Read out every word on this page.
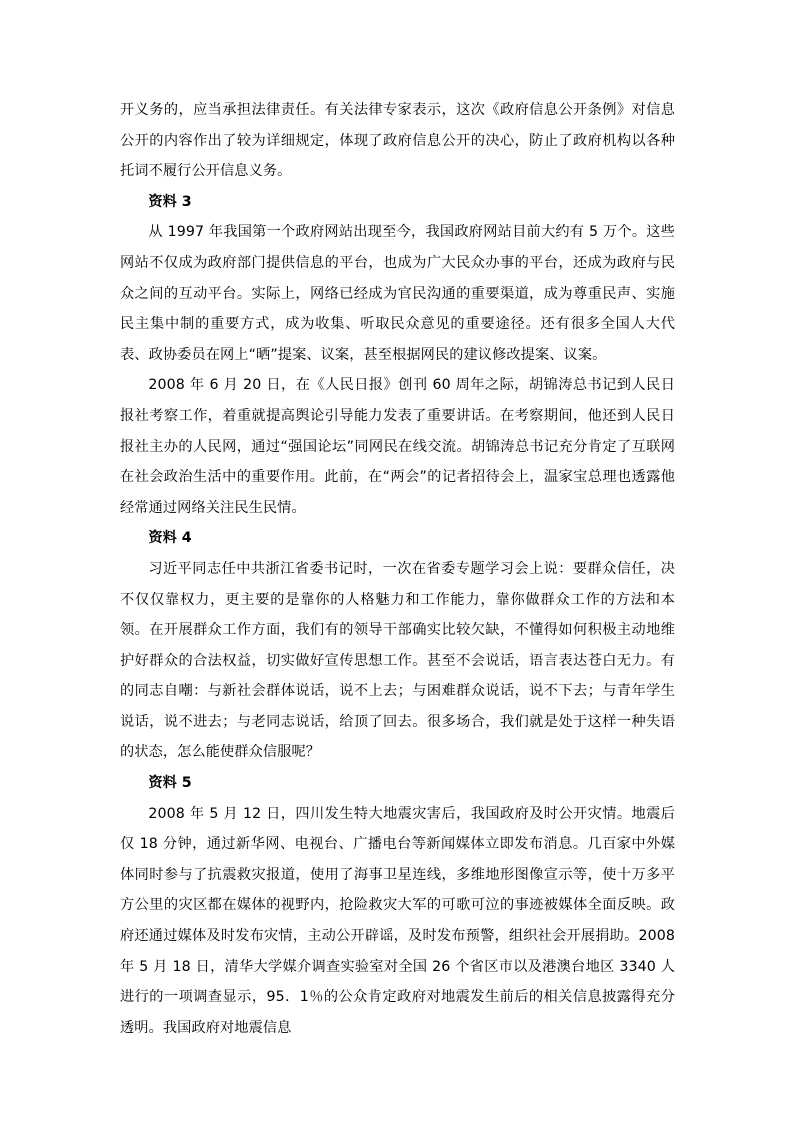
开义务的，应当承担法律责任。有关法律专家表示，这次《政府信息公开条例》对信息公开的内容作出了较为详细规定，体现了政府信息公开的决心，防止了政府机构以各种托词不履行公开信息义务。

资料 3

从 1997 年我国第一个政府网站出现至今，我国政府网站目前大约有 5 万个。这些网站不仅成为政府部门提供信息的平台，也成为广大民众办事的平台，还成为政府与民众之间的互动平台。实际上，网络已经成为官民沟通的重要渠道，成为尊重民声、实施民主集中制的重要方式，成为收集、听取民众意见的重要途径。还有很多全国人大代表、政协委员在网上“晒”提案、议案，甚至根据网民的建议修改提案、议案。

2008 年 6 月 20 日，在《人民日报》创刊 60 周年之际，胡锦涛总书记到人民日报社考察工作，着重就提高舆论引导能力发表了重要讲话。在考察期间，他还到人民日报社主办的人民网，通过“强国论坛”同网民在线交流。胡锦涛总书记充分肯定了互联网在社会政治生活中的重要作用。此前，在“两会”的记者招待会上，温家宝总理也透露他经常通过网络关注民生民情。

资料 4

习近平同志任中共浙江省委书记时，一次在省委专题学习会上说：要群众信任，决不仅仅靠权力，更主要的是靠你的人格魅力和工作能力，靠你做群众工作的方法和本领。在开展群众工作方面，我们有的领导干部确实比较欠缺，不懂得如何积极主动地维护好群众的合法权益，切实做好宣传思想工作。甚至不会说话，语言表达苍白无力。有的同志自嘲：与新社会群体说话，说不上去；与困难群众说话，说不下去；与青年学生说话，说不进去；与老同志说话，给顶了回去。很多场合，我们就是处于这样一种失语的状态，怎么能使群众信服呢？

资料 5

2008 年 5 月 12 日，四川发生特大地震灾害后，我国政府及时公开灾情。地震后仅 18 分钟，通过新华网、电视台、广播电台等新闻媒体立即发布消息。几百家中外媒体同时参与了抗震救灾报道，使用了海事卫星连线，多维地形图像宣示等，使十万多平方公里的灾区都在媒体的视野内，抢险救灾大军的可歌可泣的事迹被媒体全面反映。政府还通过媒体及时发布灾情，主动公开辟谣，及时发布预警，组织社会开展捐助。2008 年 5 月 18 日，清华大学媒介调查实验室对全国 26 个省区市以及港澳台地区 3340 人进行的一项调查显示，95．1％的公众肯定政府对地震发生前后的相关信息披露得充分透明。我国政府对地震信息
